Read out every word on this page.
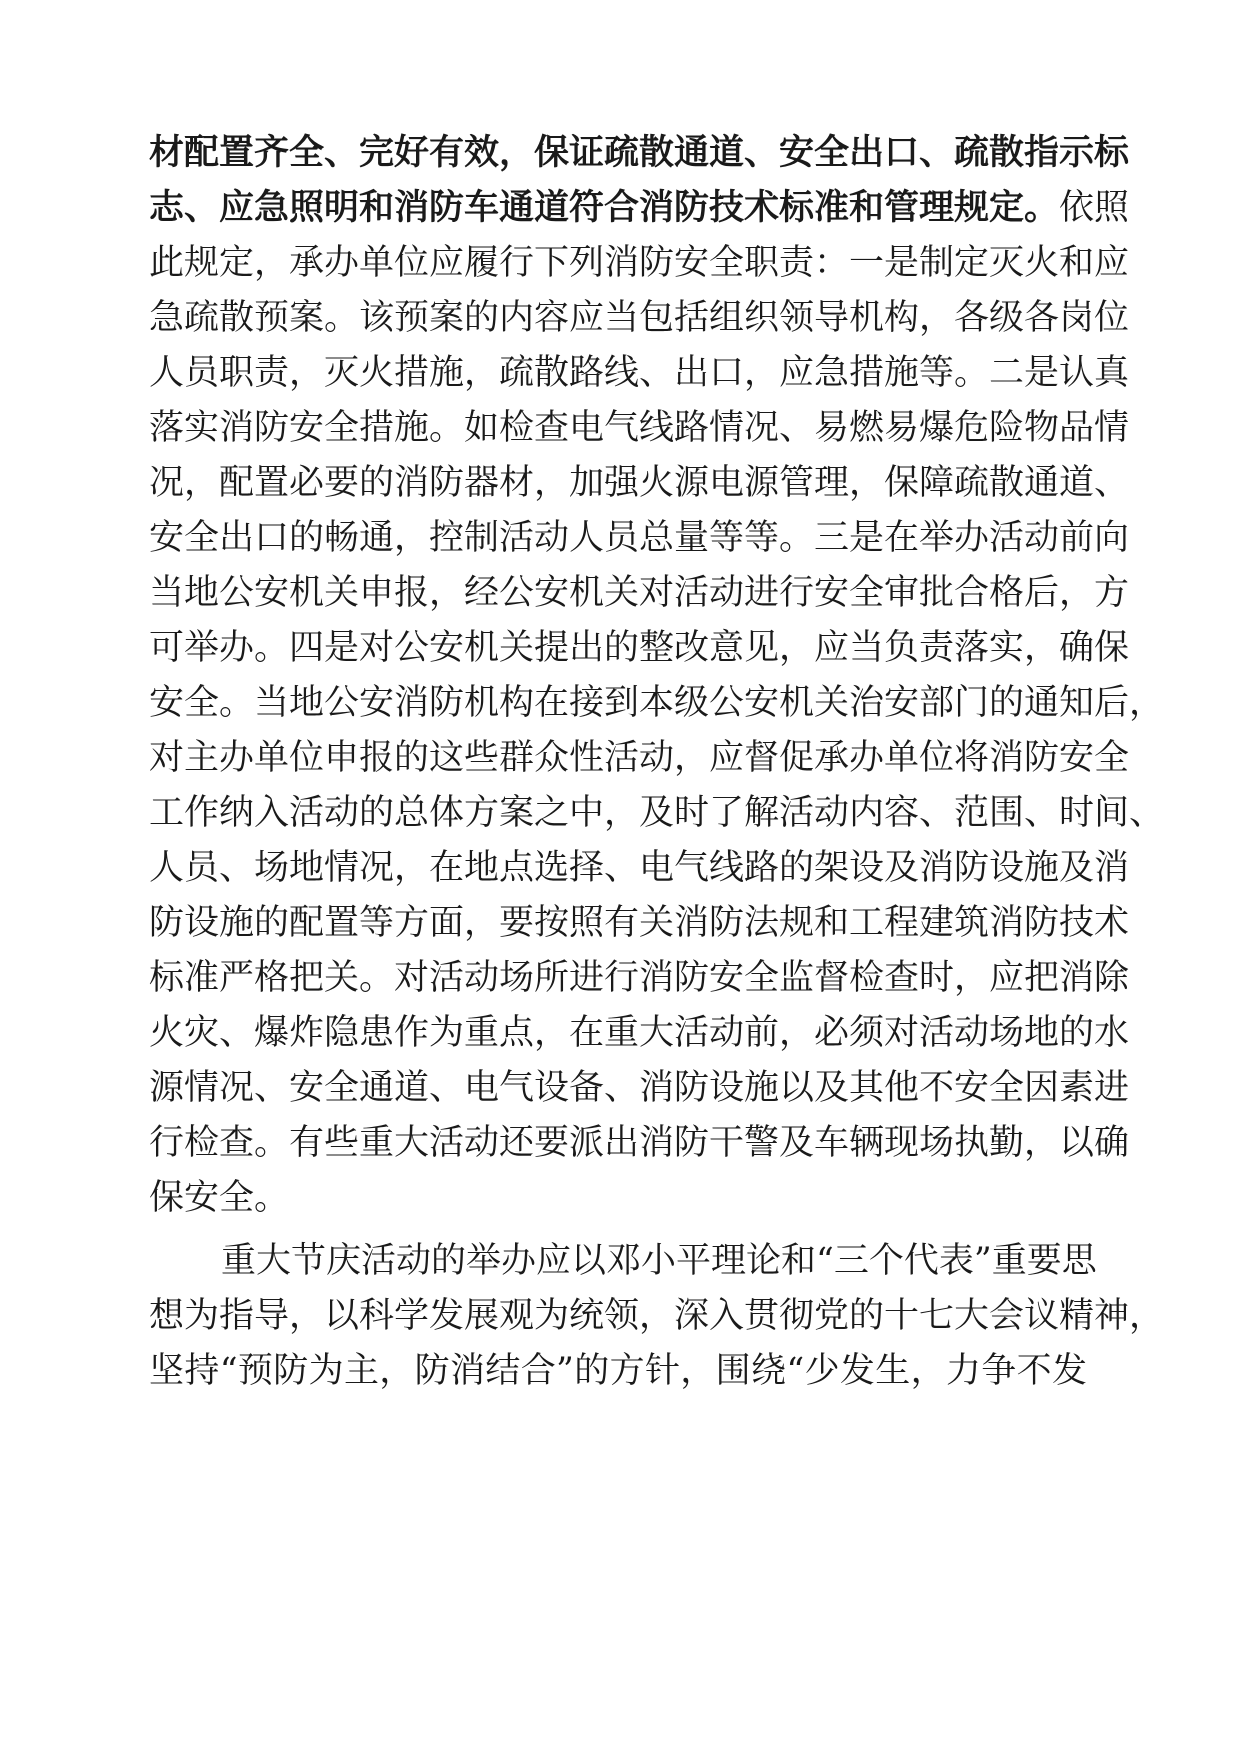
材配置齐全、完好有效，保证疏散通道、安全出口、疏散指示标
志、应急照明和消防车通道符合消防技术标准和管理规定。依照
此规定，承办单位应履行下列消防安全职责：一是制定灭火和应
急疏散预案。该预案的内容应当包括组织领导机构，各级各岗位
人员职责，灭火措施，疏散路线、出口，应急措施等。二是认真
落实消防安全措施。如检查电气线路情况、易燃易爆危险物品情
况，配置必要的消防器材，加强火源电源管理，保障疏散通道、
安全出口的畅通，控制活动人员总量等等。三是在举办活动前向
当地公安机关申报，经公安机关对活动进行安全审批合格后，方
可举办。四是对公安机关提出的整改意见，应当负责落实，确保
安全。当地公安消防机构在接到本级公安机关治安部门的通知后，
对主办单位申报的这些群众性活动，应督促承办单位将消防安全
工作纳入活动的总体方案之中，及时了解活动内容、范围、时间、
人员、场地情况，在地点选择、电气线路的架设及消防设施及消
防设施的配置等方面，要按照有关消防法规和工程建筑消防技术
标准严格把关。对活动场所进行消防安全监督检查时，应把消除
火灾、爆炸隐患作为重点，在重大活动前，必须对活动场地的水
源情况、安全通道、电气设备、消防设施以及其他不安全因素进
行检查。有些重大活动还要派出消防干警及车辆现场执勤，以确
保安全。
重大节庆活动的举办应以邓小平理论和“三个代表”重要思
想为指导，以科学发展观为统领，深入贯彻党的十七大会议精神，
坚持“预防为主，防消结合”的方针，围绕“少发生，力争不发
